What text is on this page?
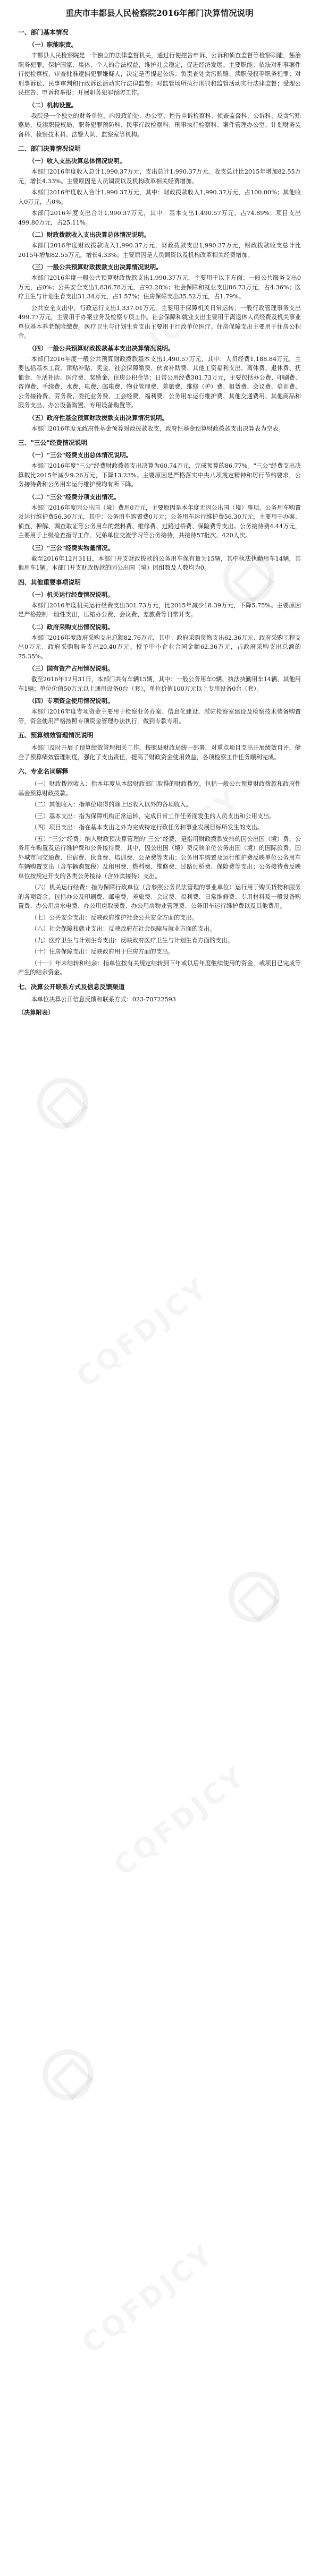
重庆市丰都县人民检察院2016年部门决算情况说明
一、部门基本情况
（一）职能职责。

丰都县人民检察院是一个独立的法律监督机关，通过行使控告申诉、公诉和侦查监督等检察职能，惩治职务犯罪，保护国家、集体、个人的合法权益，维护社会稳定，促进经济发展。主要职能：依法对刑事案件行使检察权，审查批准逮捕犯罪嫌疑人，决定是否提起公诉；负责查处贪污贿赂、渎职侵权等职务犯罪；对刑事诉讼、民事审判和行政诉讼活动实行法律监督；对监管场所执行刑罚和监管活动实行法律监督；受理公民控告、申诉和举报；开展职务犯罪预防工作。

（二）机构设置。

我院是一个独立的财务单位，内设政治处、办公室、控告申诉检察科、侦查监督科、公诉科、反贪污贿赂局、反渎职侵权局、职务犯罪预防科、民事行政检察科、刑事执行检察科、案件管理办公室、计划财务装备科、检察技术科、法警大队、监察室等机构。

二、部门决算情况说明
（一）收入支出决算总体情况说明。

本部门2016年度收入总计1,990.37万元，支出总计1,990.37万元。收支总计比2015年增加82.55万元，增长4.33%。主要原因是人员调资以及机构改革相关经费增加。

本部门2016年度收入合计1,990.37万元，其中：财政拨款收入1,990.37万元，占100.00%；其他收入0万元，占0%。

本部门2016年度支出合计1,990.37万元，其中：基本支出1,490.57万元，占74.89%；项目支出499.80万元，占25.11%。

（二）财政拨款收入支出决算总体情况说明。

本部门2016年度财政拨款收入1,990.37万元，财政拨款支出1,990.37万元，财政拨款收支总计比2015年增加82.55万元，增长4.33%。主要原因是人员调资以及机构改革相关经费增加。

（三）一般公共预算财政拨款支出决算情况说明。

本部门2016年度一般公共预算财政拨款支出1,990.37万元，主要用于以下方面：一般公共服务支出0万元，占0%；公共安全支出1,836.78万元，占92.28%；社会保障和就业支出86.73万元，占4.36%；医疗卫生与计划生育支出31.34万元，占1.57%；住房保障支出35.52万元，占1.79%。

公共安全支出中，行政运行支出1,337.01万元，主要用于保障机关日常运转；一般行政管理事务支出499.77万元，主要用于办案业务及检察专项工作。社会保障和就业支出主要用于离退休人员经费及机关事业单位基本养老保险缴费。医疗卫生与计划生育支出主要用于行政单位医疗。住房保障支出主要用于住房公积金。

（四）一般公共预算财政拨款基本支出决算情况说明。

本部门2016年度一般公共预算财政拨款基本支出1,490.57万元，其中：人员经费1,188.84万元，主要包括基本工资、津贴补贴、奖金、社会保障缴费、伙食补助费、其他工资福利支出、离休费、退休费、抚恤金、生活补助、医疗费、奖励金、住房公积金等；日常公用经费301.73万元，主要包括办公费、印刷费、咨询费、手续费、水费、电费、邮电费、物业管理费、差旅费、维修（护）费、租赁费、会议费、培训费、公务接待费、劳务费、委托业务费、工会经费、福利费、公务用车运行维护费、其他交通费用、其他商品和服务支出、办公设备购置、专用设备购置等。

（五）政府性基金预算财政拨款支出决算情况说明。

本部门2016年度无政府性基金预算财政拨款收支，政府性基金预算财政拨款支出决算表为空表。

三、"三公"经费情况说明
（一）"三公"经费支出总体情况说明。

本部门2016年度"三公"经费财政拨款支出决算为60.74万元，完成预算的86.77%。"三公"经费支出决算数比2015年减少9.26万元，下降13.23%。主要原因是严格落实中央八项规定精神和厉行节约要求，公务接待费和公务用车运行维护费均有所下降。

（二）"三公"经费分项支出情况。

本部门2016年度因公出国（境）费用0万元，主要原因是本年度无因公出国（境）事项。公务用车购置及运行维护费56.30万元，其中：公务用车购置费0万元；公务用车运行维护费56.30万元，主要用于办案、侦查、押解、调查取证等公务用车的燃料费、维修费、过路过桥费、保险费等支出。公务接待费4.44万元，主要用于上级检查指导工作、兄弟单位交流学习等公务接待，共接待57批次、420人次。

（三）"三公"经费实物量情况。

截至2016年12月31日，本部门开支财政拨款的公务用车保有量为15辆，其中执法执勤用车14辆，其他用车1辆。本部门开支财政拨款的因公出国（境）团组数及人数均为0。

四、其他重要事项说明
（一）机关运行经费情况说明。

本部门2016年度机关运行经费支出301.73万元，比2015年减少18.39万元，下降5.75%。主要原因是严格控制一般性支出，压缩办公费、会议费、差旅费等日常开支。

（二）政府采购支出情况说明。

本部门2016年度政府采购支出总额82.76万元，其中：政府采购货物支出62.36万元、政府采购工程支出0万元、政府采购服务支出20.40万元。授予中小企业合同金额62.36万元，占政府采购支出总额的75.35%。

（三）国有资产占用情况说明。

截至2016年12月31日，本部门共有车辆15辆，其中：一般公务用车0辆、执法执勤用车14辆、其他用车1辆；单位价值50万元以上通用设备0台（套），单位价值100万元以上专用设备0台（套）。

（四）专项资金使用情况说明。

本部门2016年度专项资金主要用于检察业务办案、信息化建设、派驻检察室建设及检察技术装备购置等，资金使用严格按照专项资金管理办法执行，做到专款专用。

五、预算绩效管理情况说明

本部门及时开展了预算绩效管理相关工作，按照县财政局统一部署，对重点项目支出开展绩效自评，健全了预算绩效管理制度，强化了支出责任，提高了财政资金使用效益，各项检察工作任务顺利完成。

六、专业名词解释

（一）财政拨款收入：指本年度从本级财政部门取得的财政拨款，包括一般公共预算财政拨款和政府性基金预算财政拨款。

（二）其他收入：指单位取得的除上述收入以外的各项收入。

（三）基本支出：指为保障机构正常运转、完成日常工作任务而发生的人员支出和公用支出。

（四）项目支出：指在基本支出之外为完成特定行政任务和事业发展目标所发生的支出。

（五）"三公"经费：纳入财政预决算管理的"三公"经费，是指用财政拨款安排的因公出国（境）费、公务用车购置及运行维护费和公务接待费。其中，因公出国（境）费反映单位公务出国（境）的国际旅费、国外城市间交通费、住宿费、伙食费、培训费、公杂费等支出；公务用车购置及运行维护费反映单位公务用车车辆购置支出（含车辆购置税）及租用费、燃料费、维修费、过路过桥费、保险费等支出；公务接待费反映单位按规定开支的各类公务接待（含外宾接待）支出。

（六）机关运行经费：指为保障行政单位（含参照公务员法管理的事业单位）运行用于购买货物和服务的各项资金，包括办公及印刷费、邮电费、差旅费、会议费、福利费、日常维修费、专用材料及一般设备购置费、办公用房水电费、办公用房取暖费、办公用房物业管理费、公务用车运行维护费以及其他费用。

（七）公共安全支出：反映政府维护社会公共安全方面的支出。

（八）社会保障和就业支出：反映政府在社会保障与就业方面的支出。

（九）医疗卫生与计划生育支出：反映政府医疗卫生与计划生育方面的支出。

（十）住房保障支出：反映政府用于住房方面的支出。

（十一）年末结转和结余：指单位按有关规定结转到下年或以后年度继续使用的资金，或项目已完成等产生的结余资金。

七、决算公开联系方式及信息反馈渠道

本单位决算公开信息反馈和联系方式：023-70722593

（决算附表）
